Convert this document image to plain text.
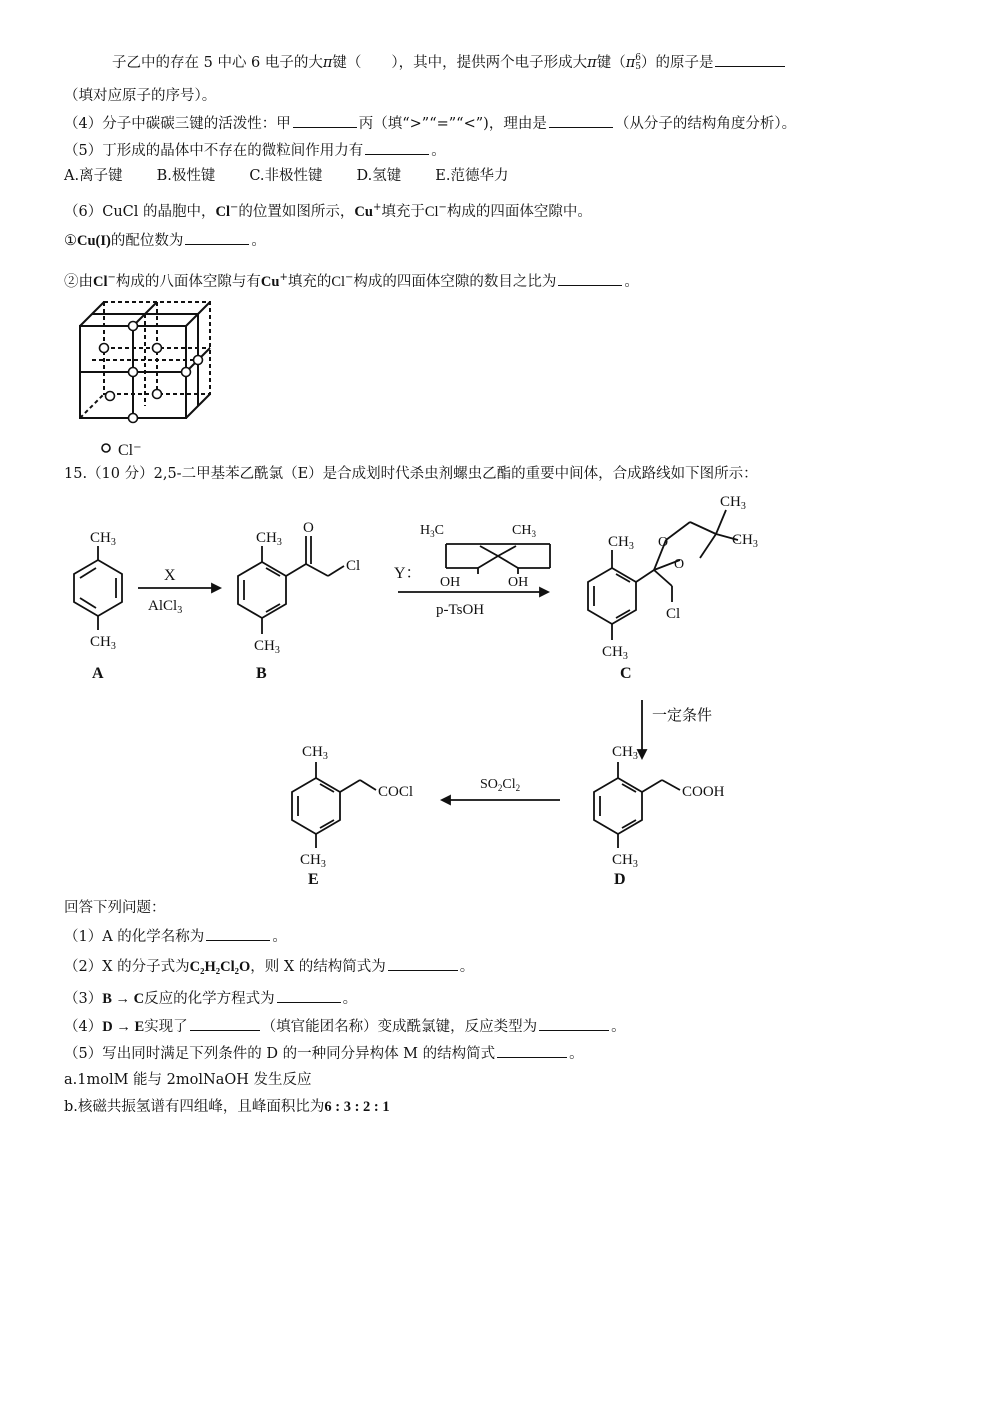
子乙中的存在 5 中心 6 电子的大π键（ ），其中，提供两个电子形成大π键（π 6
5 ）的原子是
（填对应原子的序号）。
（4）分子中碳碳三键的活泼性：甲	丙（填“>”“=”“<”)，理由是	（从分子的结构角度分析）。
（5）丁形成的晶体中不存在的微粒间作用力有	。
A.离子键 B.极性键 C.非极性键 D.氢键 E.范德华力
（6）CuCl 的晶胞中，Cl−的位置如图所示，Cu+填充于Cl−构成的四面体空隙中。
①Cu(I)的配位数为	。
②由Cl−构成的八面体空隙与有Cu+填充的Cl−构成的四面体空隙的数目之比为	。
Cl⁻
15.（10 分）2,5-二甲基苯乙酰氯（E）是合成划时代杀虫剂螺虫乙酯的重要中间体，合成路线如下图所示：
$CH_3$
$CH_3$
A
X
AlCl$_3$
$CH_3$
O
Cl
$CH_3$
B
Y：
$H_3C$	$CH_3$
OH	OH
p-TsOH
$CH_3$ O
O
$CH_3$
$CH_3$
Cl
$CH_3$
C
一定条件
$CH_3$
COOH
$CH_3$
D
$SO_2Cl_2$
$CH_3$
COCl
$CH_3$
E
回答下列问题：
（1）A 的化学名称为	。
（2）X 的分子式为C₂H₂Cl₂O，则 X 的结构简式为	。
（3）B → C反应的化学方程式为	。
（4）D → E实现了	（填官能团名称）变成酰氯键，反应类型为	。
（5）写出同时满足下列条件的 D 的一种同分异构体 M 的结构简式	。
a.1molM 能与 2molNaOH 发生反应
b.核磁共振氢谱有四组峰，且峰面积比为6 : 3 : 2 : 1
